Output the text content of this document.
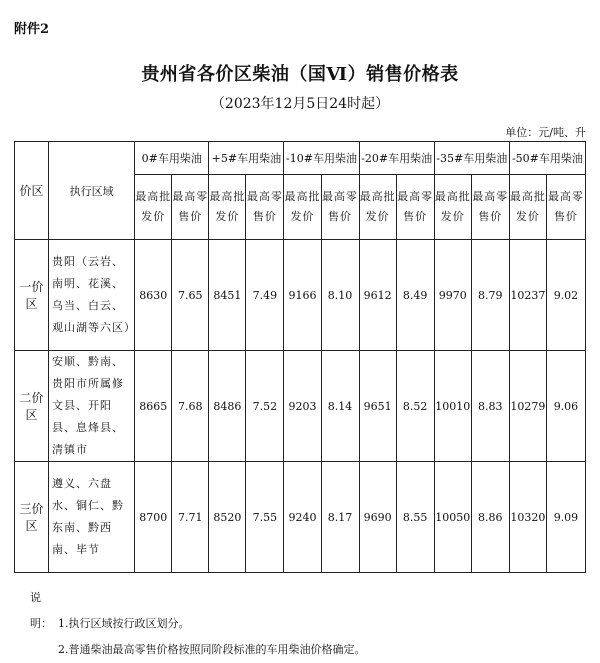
附件2
贵州省各价区柴油（国Ⅵ）销售价格表
（2023年12月5日24时起）
单位：元/吨、升
价区	执行区域	0#车用柴油		+5#车用柴油		-10#车用柴油		-20#车用柴油		-35#车用柴油		-50#车用柴油	
		最高批发价	最高零售价	最高批发价	最高零售价	最高批发价	最高零售价	最高批发价	最高零售价	最高批发价	最高零售价	最高批发价	最高零售价
一价区	贵阳（云岩、南明、花溪、乌当、白云、观山湖等六区）	8630	7.65	8451	7.49	9166	8.10	9612	8.49	9970	8.79	10237	9.02
二价区	安顺、黔南、贵阳市所属修文县、开阳县、息烽县、清镇市	8665	7.68	8486	7.52	9203	8.14	9651	8.52	10010	8.83	10279	9.06
三价区	遵义、六盘水、铜仁、黔东南、黔西南、毕节	8700	7.71	8520	7.55	9240	8.17	9690	8.55	10050	8.86	10320	9.09
说明： 1.执行区域按行政区划分。
2.普通柴油最高零售价格按照同阶段标准的车用柴油价格确定。
